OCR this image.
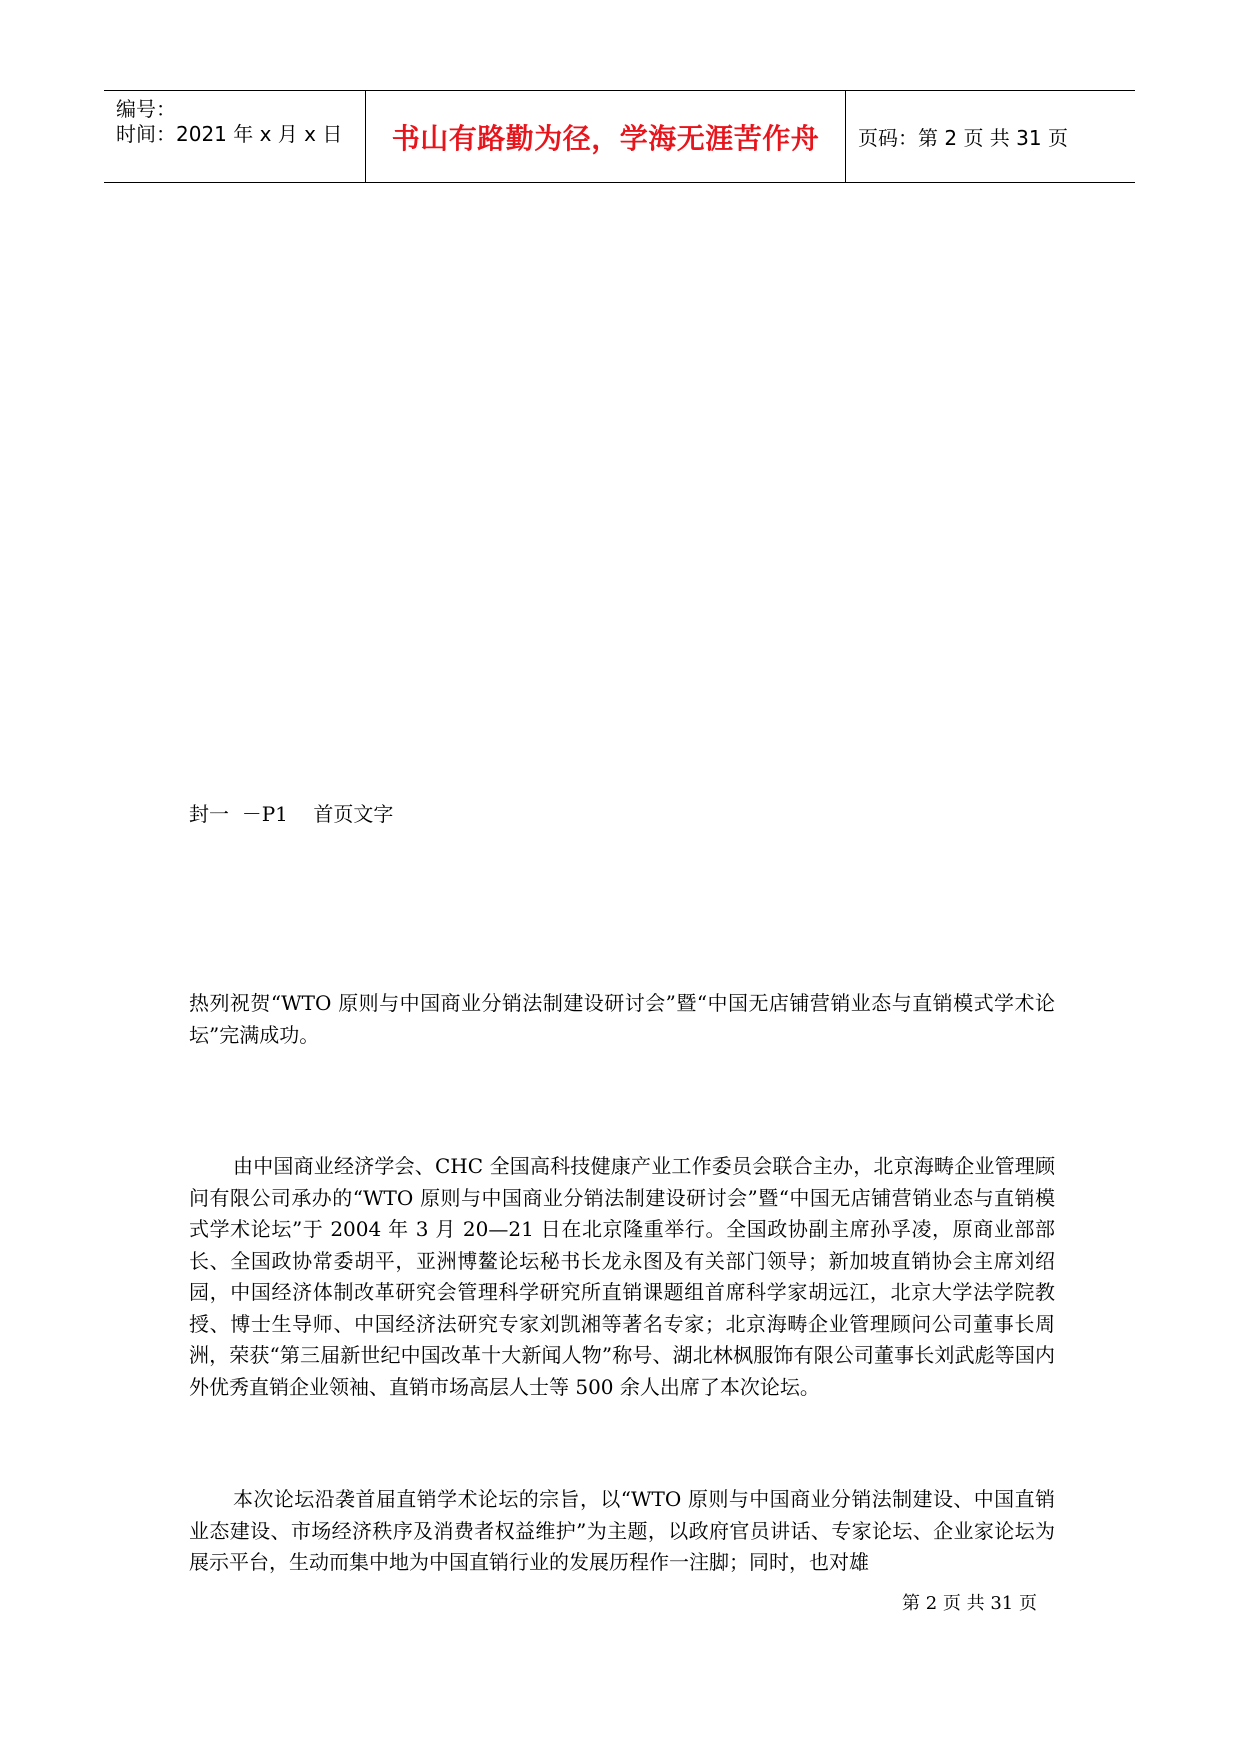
编号：
时间：2021 年 x 月 x 日	书山有路勤为径，学海无涯苦作舟	页码：第 2 页 共 31 页
封一  －P1    首页文字
热列祝贺“WTO 原则与中国商业分销法制建设研讨会”暨“中国无店铺营销业态与直销模式学术论坛”完满成功。
由中国商业经济学会、CHC 全国高科技健康产业工作委员会联合主办，北京海畴企业管理顾问有限公司承办的“WTO 原则与中国商业分销法制建设研讨会”暨“中国无店铺营销业态与直销模式学术论坛”于 2004 年 3 月 20—21 日在北京隆重举行。全国政协副主席孙孚凌，原商业部部长、全国政协常委胡平，亚洲博鳌论坛秘书长龙永图及有关部门领导；新加坡直销协会主席刘绍园，中国经济体制改革研究会管理科学研究所直销课题组首席科学家胡远江，北京大学法学院教授、博士生导师、中国经济法研究专家刘凯湘等著名专家；北京海畴企业管理顾问公司董事长周洲，荣获“第三届新世纪中国改革十大新闻人物”称号、湖北林枫服饰有限公司董事长刘武彪等国内外优秀直销企业领袖、直销市场高层人士等 500 余人出席了本次论坛。
本次论坛沿袭首届直销学术论坛的宗旨，以“WTO 原则与中国商业分销法制建设、中国直销业态建设、市场经济秩序及消费者权益维护”为主题，以政府官员讲话、专家论坛、企业家论坛为展示平台，生动而集中地为中国直销行业的发展历程作一注脚；同时，也对雄
第 2 页 共 31 页
